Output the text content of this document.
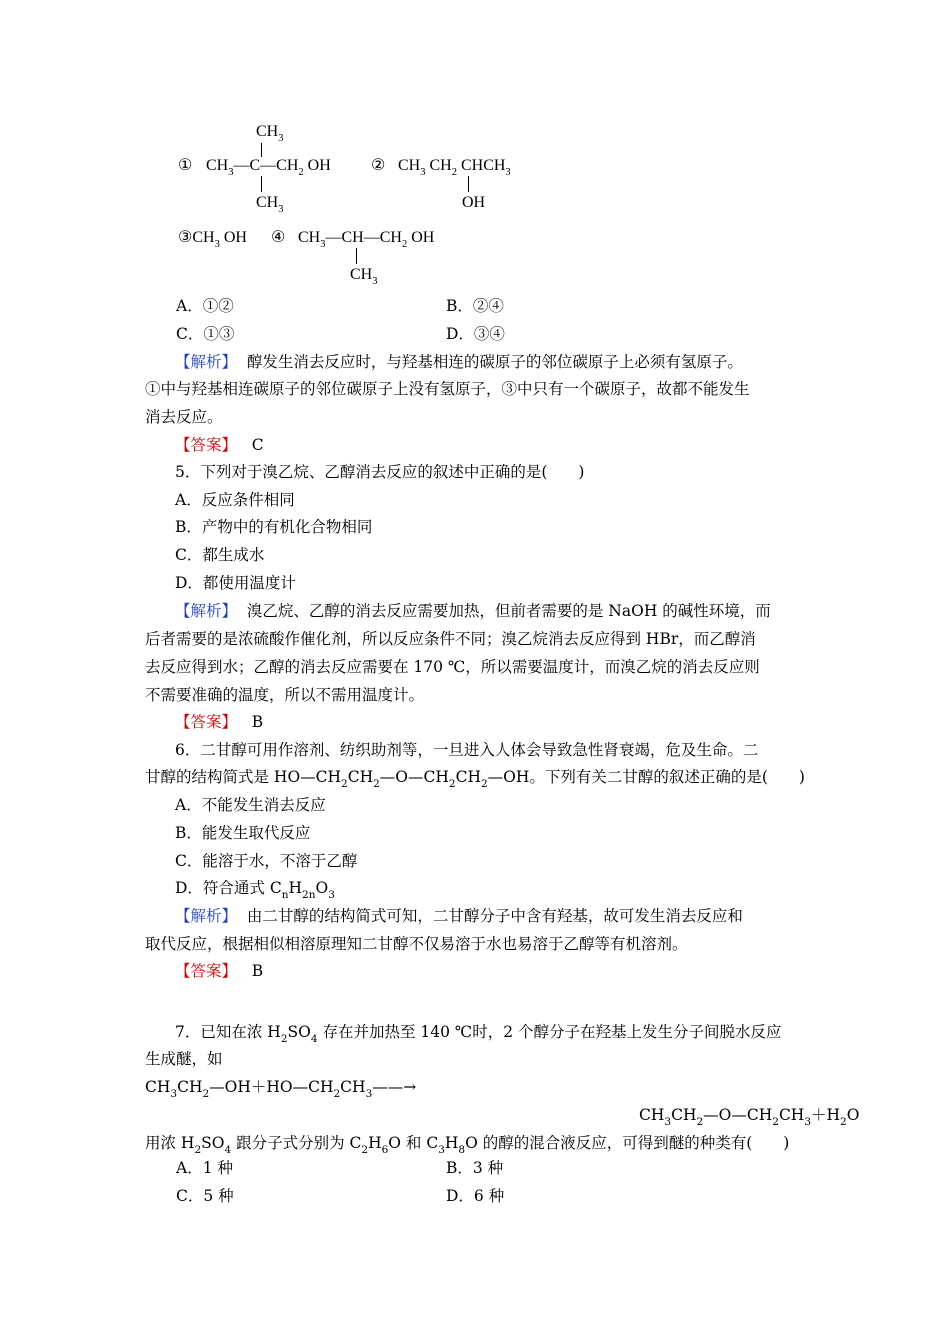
$CH_3$
① $CH_3—C—CH_2$ OH
$CH_3$
② $CH_3$ $CH_2$ $CHCH_3$
OH
$③CH_3$ OH ④ $CH_3—CH—CH_2$ OH
$CH_3$
A．①②	B．②④
C．①③	D．③④
【解析】 醇发生消去反应时，与羟基相连的碳原子的邻位碳原子上必须有氢原子。
①中与羟基相连碳原子的邻位碳原子上没有氢原子，③中只有一个碳原子，故都不能发生
消去反应。
【答案】 C
5．下列对于溴乙烷、乙醇消去反应的叙述中正确的是(　　)
A．反应条件相同
B．产物中的有机化合物相同
C．都生成水
D．都使用温度计
【解析】 溴乙烷、乙醇的消去反应需要加热，但前者需要的是 NaOH 的碱性环境，而
后者需要的是浓硫酸作催化剂，所以反应条件不同；溴乙烷消去反应得到 HBr，而乙醇消
去反应得到水；乙醇的消去反应需要在 170 ℃，所以需要温度计，而溴乙烷的消去反应则
不需要准确的温度，所以不需用温度计。
【答案】 B
6．二甘醇可用作溶剂、纺织助剂等，一旦进入人体会导致急性肾衰竭，危及生命。二
甘醇的结构简式是 $HO—CH_2CH_2—O—CH_2CH_2—OH$。下列有关二甘醇的叙述正确的是(　　)
A．不能发生消去反应
B．能发生取代反应
C．能溶于水，不溶于乙醇
D．符合通式 $C_nH_{2n}O_3$
【解析】 由二甘醇的结构简式可知，二甘醇分子中含有羟基，故可发生消去反应和
取代反应，根据相似相溶原理知二甘醇不仅易溶于水也易溶于乙醇等有机溶剂。
【答案】 B
7．已知在浓 $H_2SO_4$ 存在并加热至 140 ℃时，2 个醇分子在羟基上发生分子间脱水反应
生成醚，如
$CH_3CH_2—OH+HO—CH_2CH_3——\to$
$CH_3CH_2—O—CH_2CH_3+H_2O$
用浓 $H_2SO_4$ 跟分子式分别为 $C_2H_6O$ 和 $C_3H_8O$ 的醇的混合液反应，可得到醚的种类有(　　)
A．1 种	B．3 种
C．5 种	D．6 种
